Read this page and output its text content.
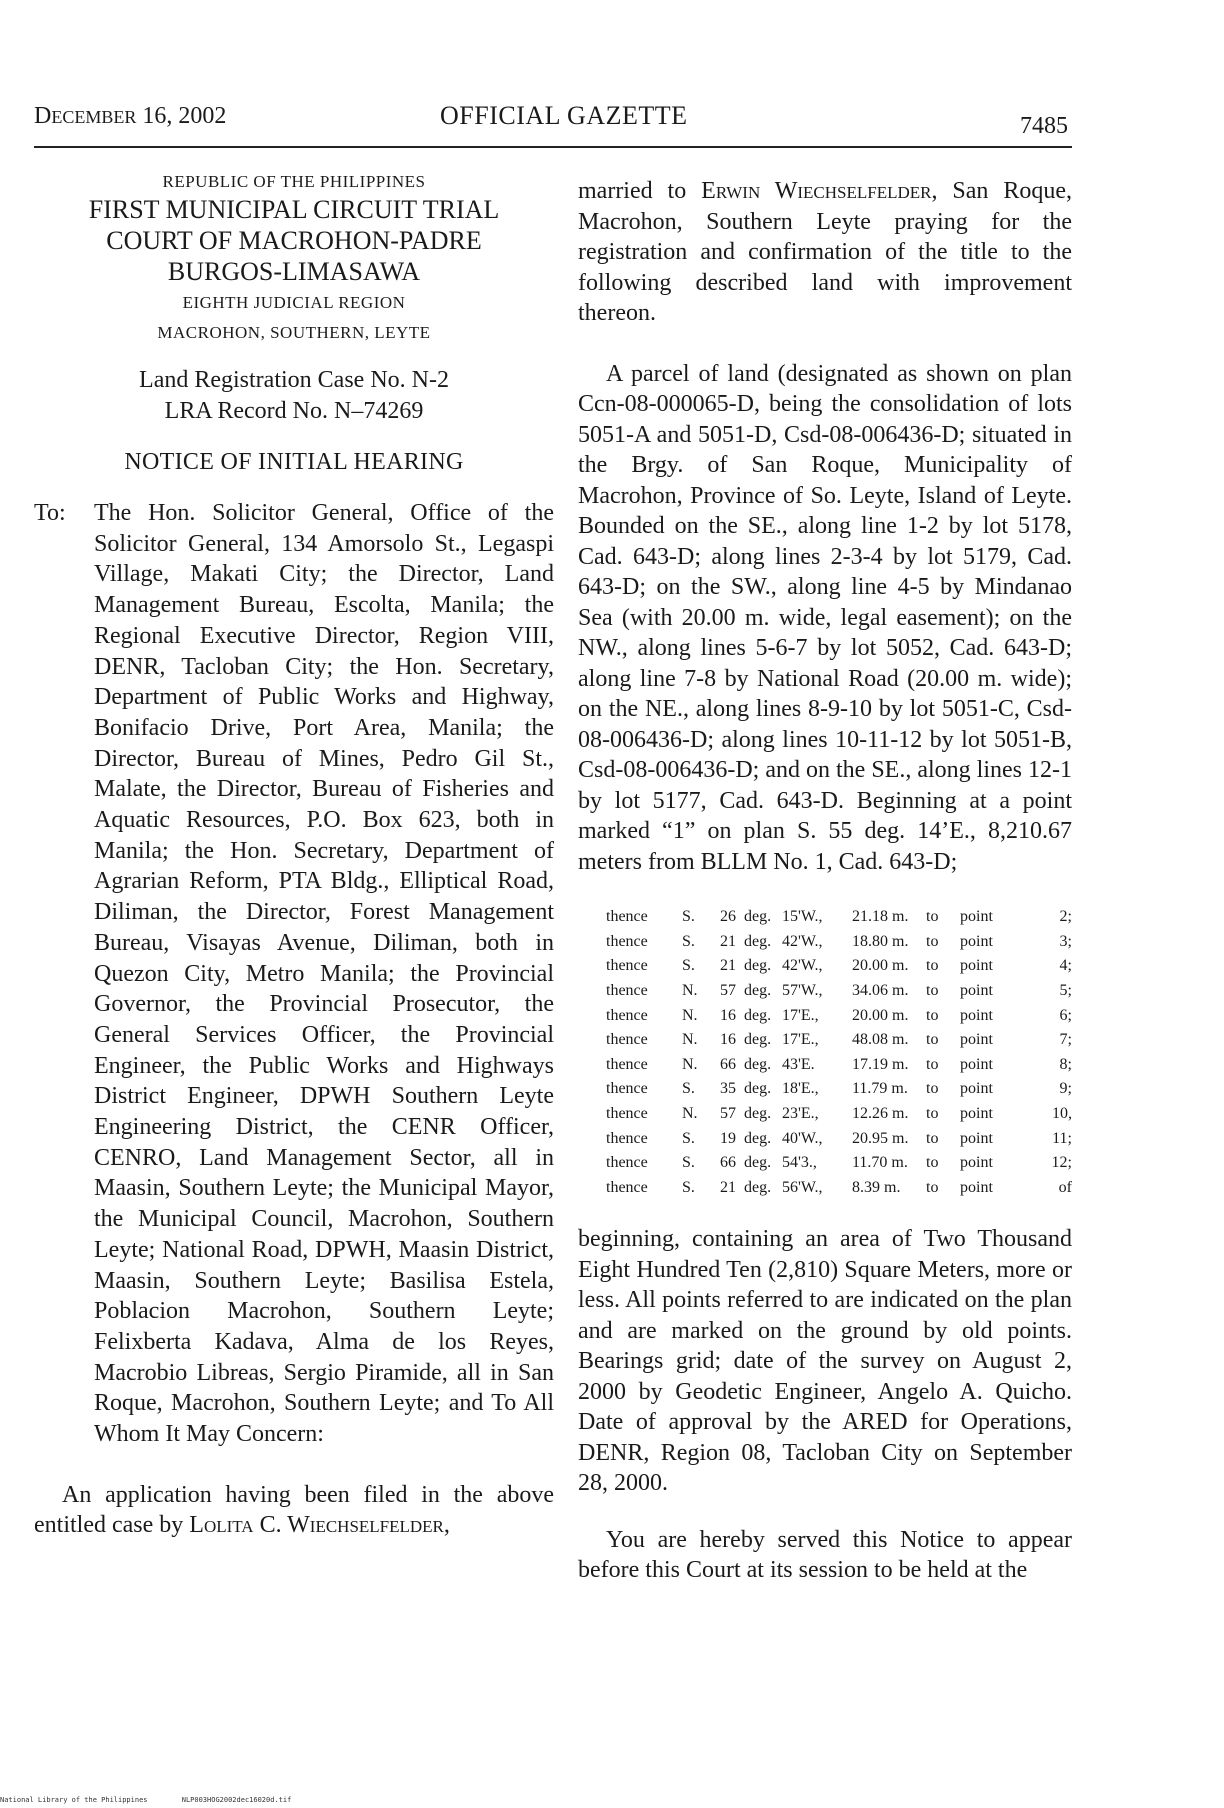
DECEMBER 16, 2002	OFFICIAL GAZETTE	7485
REPUBLIC OF THE PHILIPPINES
FIRST MUNICIPAL CIRCUIT TRIAL
COURT OF MACROHON-PADRE
BURGOS-LIMASAWA
EIGHTH JUDICIAL REGION
MACROHON, SOUTHERN, LEYTE
Land Registration Case No. N-2
LRA Record No. N–74269
NOTICE OF INITIAL HEARING
To: The Hon. Solicitor General, Office of the Solicitor General, 134 Amorsolo St., Legaspi Village, Makati City; the Director, Land Management Bureau, Escolta, Manila; the Regional Executive Director, Region VIII, DENR, Tacloban City; the Hon. Secretary, Department of Public Works and Highway, Bonifacio Drive, Port Area, Manila; the Director, Bureau of Mines, Pedro Gil St., Malate, the Director, Bureau of Fisheries and Aquatic Resources, P.O. Box 623, both in Manila; the Hon. Secretary, Department of Agrarian Reform, PTA Bldg., Elliptical Road, Diliman, the Director, Forest Management Bureau, Visayas Avenue, Diliman, both in Quezon City, Metro Manila; the Provincial Governor, the Provincial Prosecutor, the General Services Officer, the Provincial Engineer, the Public Works and Highways District Engineer, DPWH Southern Leyte Engineering District, the CENR Officer, CENRO, Land Management Sector, all in Maasin, Southern Leyte; the Municipal Mayor, the Municipal Council, Macrohon, Southern Leyte; National Road, DPWH, Maasin District, Maasin, Southern Leyte; Basilisa Estela, Poblacion Macrohon, Southern Leyte; Felixberta Kadava, Alma de los Reyes, Macrobio Libreas, Sergio Piramide, all in San Roque, Macrohon, Southern Leyte; and To All Whom It May Concern:
An application having been filed in the above entitled case by Lolita C. Wiechselfelder,
married to Erwin Wiechselfelder, San Roque, Macrohon, Southern Leyte praying for the registration and confirmation of the title to the following described land with improvement thereon.
A parcel of land (designated as shown on plan Ccn-08-000065-D, being the consolidation of lots 5051-A and 5051-D, Csd-08-006436-D; situated in the Brgy. of San Roque, Municipality of Macrohon, Province of So. Leyte, Island of Leyte. Bounded on the SE., along line 1-2 by lot 5178, Cad. 643-D; along lines 2-3-4 by lot 5179, Cad. 643-D; on the SW., along line 4-5 by Mindanao Sea (with 20.00 m. wide, legal easement); on the NW., along lines 5-6-7 by lot 5052, Cad. 643-D; along line 7-8 by National Road (20.00 m. wide); on the NE., along lines 8-9-10 by lot 5051-C, Csd-08-006436-D; along lines 10-11-12 by lot 5051-B, Csd-08-006436-D; and on the SE., along lines 12-1 by lot 5177, Cad. 643-D. Beginning at a point marked “1” on plan S. 55 deg. 14’E., 8,210.67 meters from BLLM No. 1, Cad. 643-D;
thence	S.	26	deg.	15'W.,	21.18 m.	to	point	2;
thence	S.	21	deg.	42'W.,	18.80 m.	to	point	3;
thence	S.	21	deg.	42'W.,	20.00 m.	to	point	4;
thence	N.	57	deg.	57'W.,	34.06 m.	to	point	5;
thence	N.	16	deg.	17'E.,	20.00 m.	to	point	6;
thence	N.	16	deg.	17'E.,	48.08 m.	to	point	7;
thence	N.	66	deg.	43'E.	17.19 m.	to	point	8;
thence	S.	35	deg.	18'E.,	11.79 m.	to	point	9;
thence	N.	57	deg.	23'E.,	12.26 m.	to	point	10,
thence	S.	19	deg.	40'W.,	20.95 m.	to	point	11;
thence	S.	66	deg.	54'3.,	11.70 m.	to	point	12;
thence	S.	21	deg.	56'W.,	8.39 m.	to	point	of
beginning, containing an area of Two Thousand Eight Hundred Ten (2,810) Square Meters, more or less. All points referred to are indicated on the plan and are marked on the ground by old points. Bearings grid; date of the survey on August 2, 2000 by Geodetic Engineer, Angelo A. Quicho. Date of approval by the ARED for Operations, DENR, Region 08, Tacloban City on September 28, 2000.
You are hereby served this Notice to appear before this Court at its session to be held at the
National Library of the Philippines	NLP003HOG2002dec16020d.tif
